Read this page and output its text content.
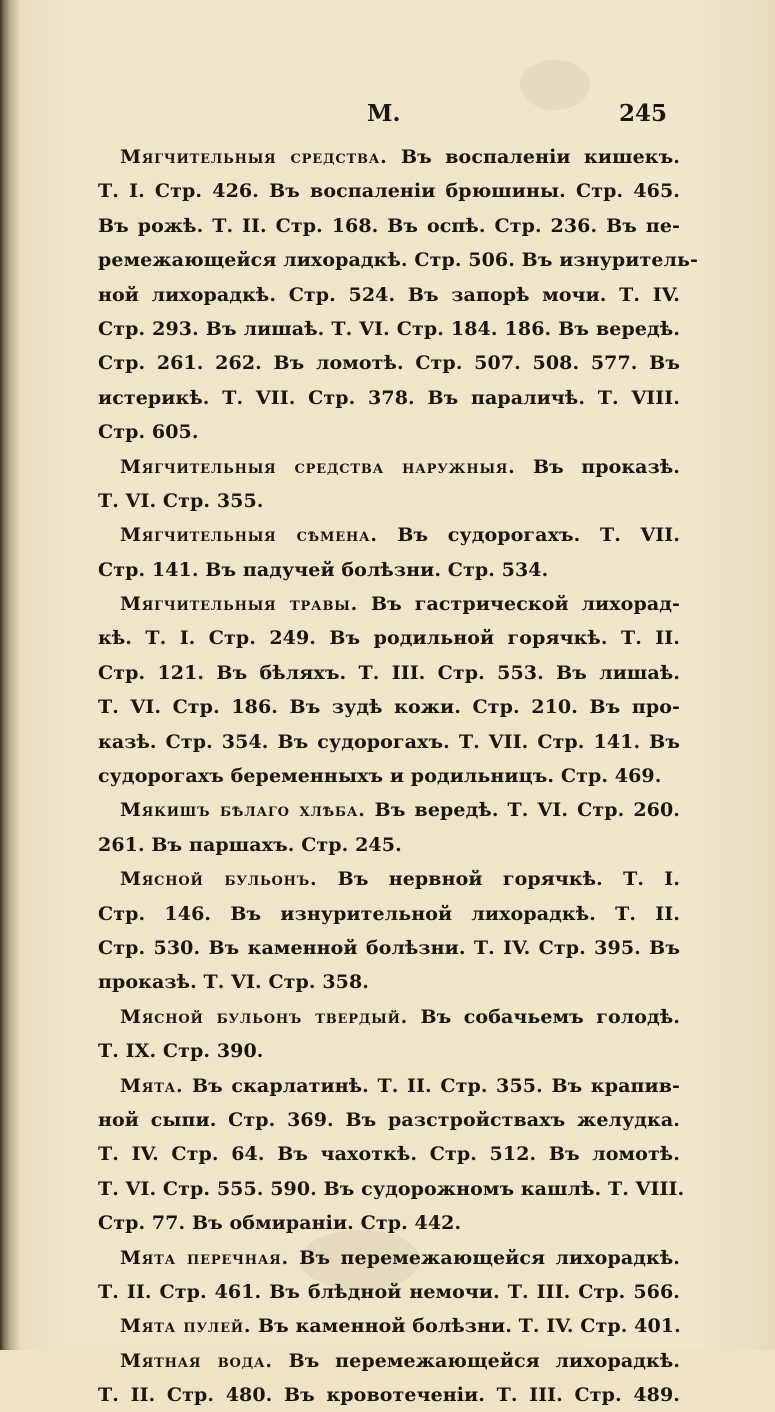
М.	245
Мягчительныя средства. Въ воспаленіи кишекъ.
Т. I. Стр. 426. Въ воспаленіи брюшины. Стр. 465.
Въ рожѣ. Т. II. Стр. 168. Въ оспѣ. Стр. 236. Въ пе-
ремежающейся лихорадкѣ. Стр. 506. Въ изнуритель-
ной лихорадкѣ. Стр. 524. Въ запорѣ мочи. Т. IV.
Стр. 293. Въ лишаѣ. Т. VI. Стр. 184. 186. Въ вередѣ.
Стр. 261. 262. Въ ломотѣ. Стр. 507. 508. 577. Въ
истерикѣ. Т. VII. Стр. 378. Въ параличѣ. Т. VIII.
Стр. 605.
Мягчительныя средства наружныя. Въ проказѣ.
Т. VI. Стр. 355.
Мягчительныя сѣмена. Въ судорогахъ. Т. VII.
Стр. 141. Въ падучей болѣзни. Стр. 534.
Мягчительныя травы. Въ гастрической лихорад-
кѣ. Т. I. Стр. 249. Въ родильной горячкѣ. Т. II.
Стр. 121. Въ бѣляхъ. Т. III. Стр. 553. Въ лишаѣ.
Т. VI. Стр. 186. Въ зудѣ кожи. Стр. 210. Въ про-
казѣ. Стр. 354. Въ судорогахъ. Т. VII. Стр. 141. Въ
судорогахъ беременныхъ и родильницъ. Стр. 469.
Мякишъ бѣлаго хлѣба. Въ вередѣ. Т. VI. Стр. 260.
261. Въ паршахъ. Стр. 245.
Мясной бульонъ. Въ нервной горячкѣ. Т. I.
Стр. 146. Въ изнурительной лихорадкѣ. Т. II.
Стр. 530. Въ каменной болѣзни. Т. IV. Стр. 395. Въ
проказѣ. Т. VI. Стр. 358.
Мясной бульонъ твердый. Въ собачьемъ голодѣ.
Т. IX. Стр. 390.
Мята. Въ скарлатинѣ. Т. II. Стр. 355. Въ крапив-
ной сыпи. Стр. 369. Въ разстройствахъ желудка.
Т. IV. Стр. 64. Въ чахоткѣ. Стр. 512. Въ ломотѣ.
Т. VI. Стр. 555. 590. Въ судорожномъ кашлѣ. Т. VIII.
Стр. 77. Въ обмираніи. Стр. 442.
Мята перечная. Въ перемежающейся лихорадкѣ.
Т. II. Стр. 461. Въ блѣдной немочи. Т. III. Стр. 566.
Мята пулей. Въ каменной болѣзни. Т. IV. Стр. 401.
Мятная вода. Въ перемежающейся лихорадкѣ.
Т. II. Стр. 480. Въ кровотеченіи. Т. III. Стр. 489.
